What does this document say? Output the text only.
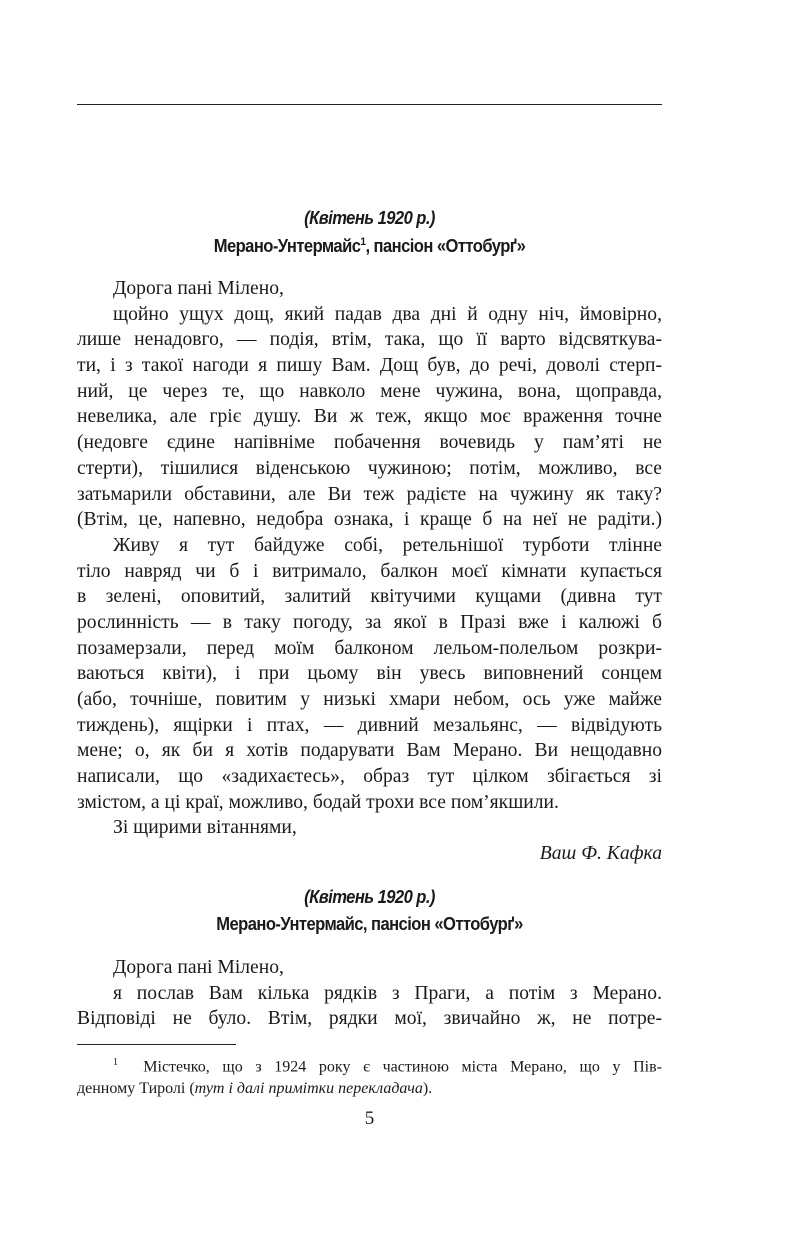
(Квітень 1920 р.)
Мерано-Унтермайс$^1$, пансіон «Оттобурґ»
Дорога пані Мілено,
щойно ущух дощ, який падав два дні й одну ніч, ймовірно,
лише ненадовго, — подія, втім, така, що її варто відсвяткува-
ти, і з такої нагоди я пишу Вам. Дощ був, до речі, доволі стерп-
ний, це через те, що навколо мене чужина, вона, щоправда,
невелика, але гріє душу. Ви ж теж, якщо моє враження точне
(недовге єдине напівніме побачення вочевидь у пам’яті не
стерти), тішилися віденською чужиною; потім, можливо, все
затьмарили обставини, але Ви теж радієте на чужину як таку?
(Втім, це, напевно, недобра ознака, і краще б на неї не радіти.)
Живу я тут байдуже собі, ретельнішої турботи тлінне
тіло навряд чи б і витримало, балкон моєї кімнати купається
в зелені, оповитий, залитий квітучими кущами (дивна тут
рослинність — в таку погоду, за якої в Празі вже і калюжі б
позамерзали, перед моїм балконом лельом-полельом розкри-
ваються квіти), і при цьому він увесь виповнений сонцем
(або, точніше, повитим у низькі хмари небом, ось уже майже
тиждень), ящірки і птах, — дивний мезальянс, — відвідують
мене; о, як би я хотів подарувати Вам Мерано. Ви нещодавно
написали, що «задихаєтесь», образ тут цілком збігається зі
змістом, а ці краї, можливо, бодай трохи все пом’якшили.
Зі щирими вітаннями,
Ваш Ф. Кафка
(Квітень 1920 р.)
Мерано-Унтермайс, пансіон «Оттобурґ»
Дорога пані Мілено,
я послав Вам кілька рядків з Праги, а потім з Мерано.
Відповіді не було. Втім, рядки мої, звичайно ж, не потре-
$^1$ Містечко, що з 1924 року є частиною міста Мерано, що у Пів-
денному Тиролі (тут і далі примітки перекладача).
5
